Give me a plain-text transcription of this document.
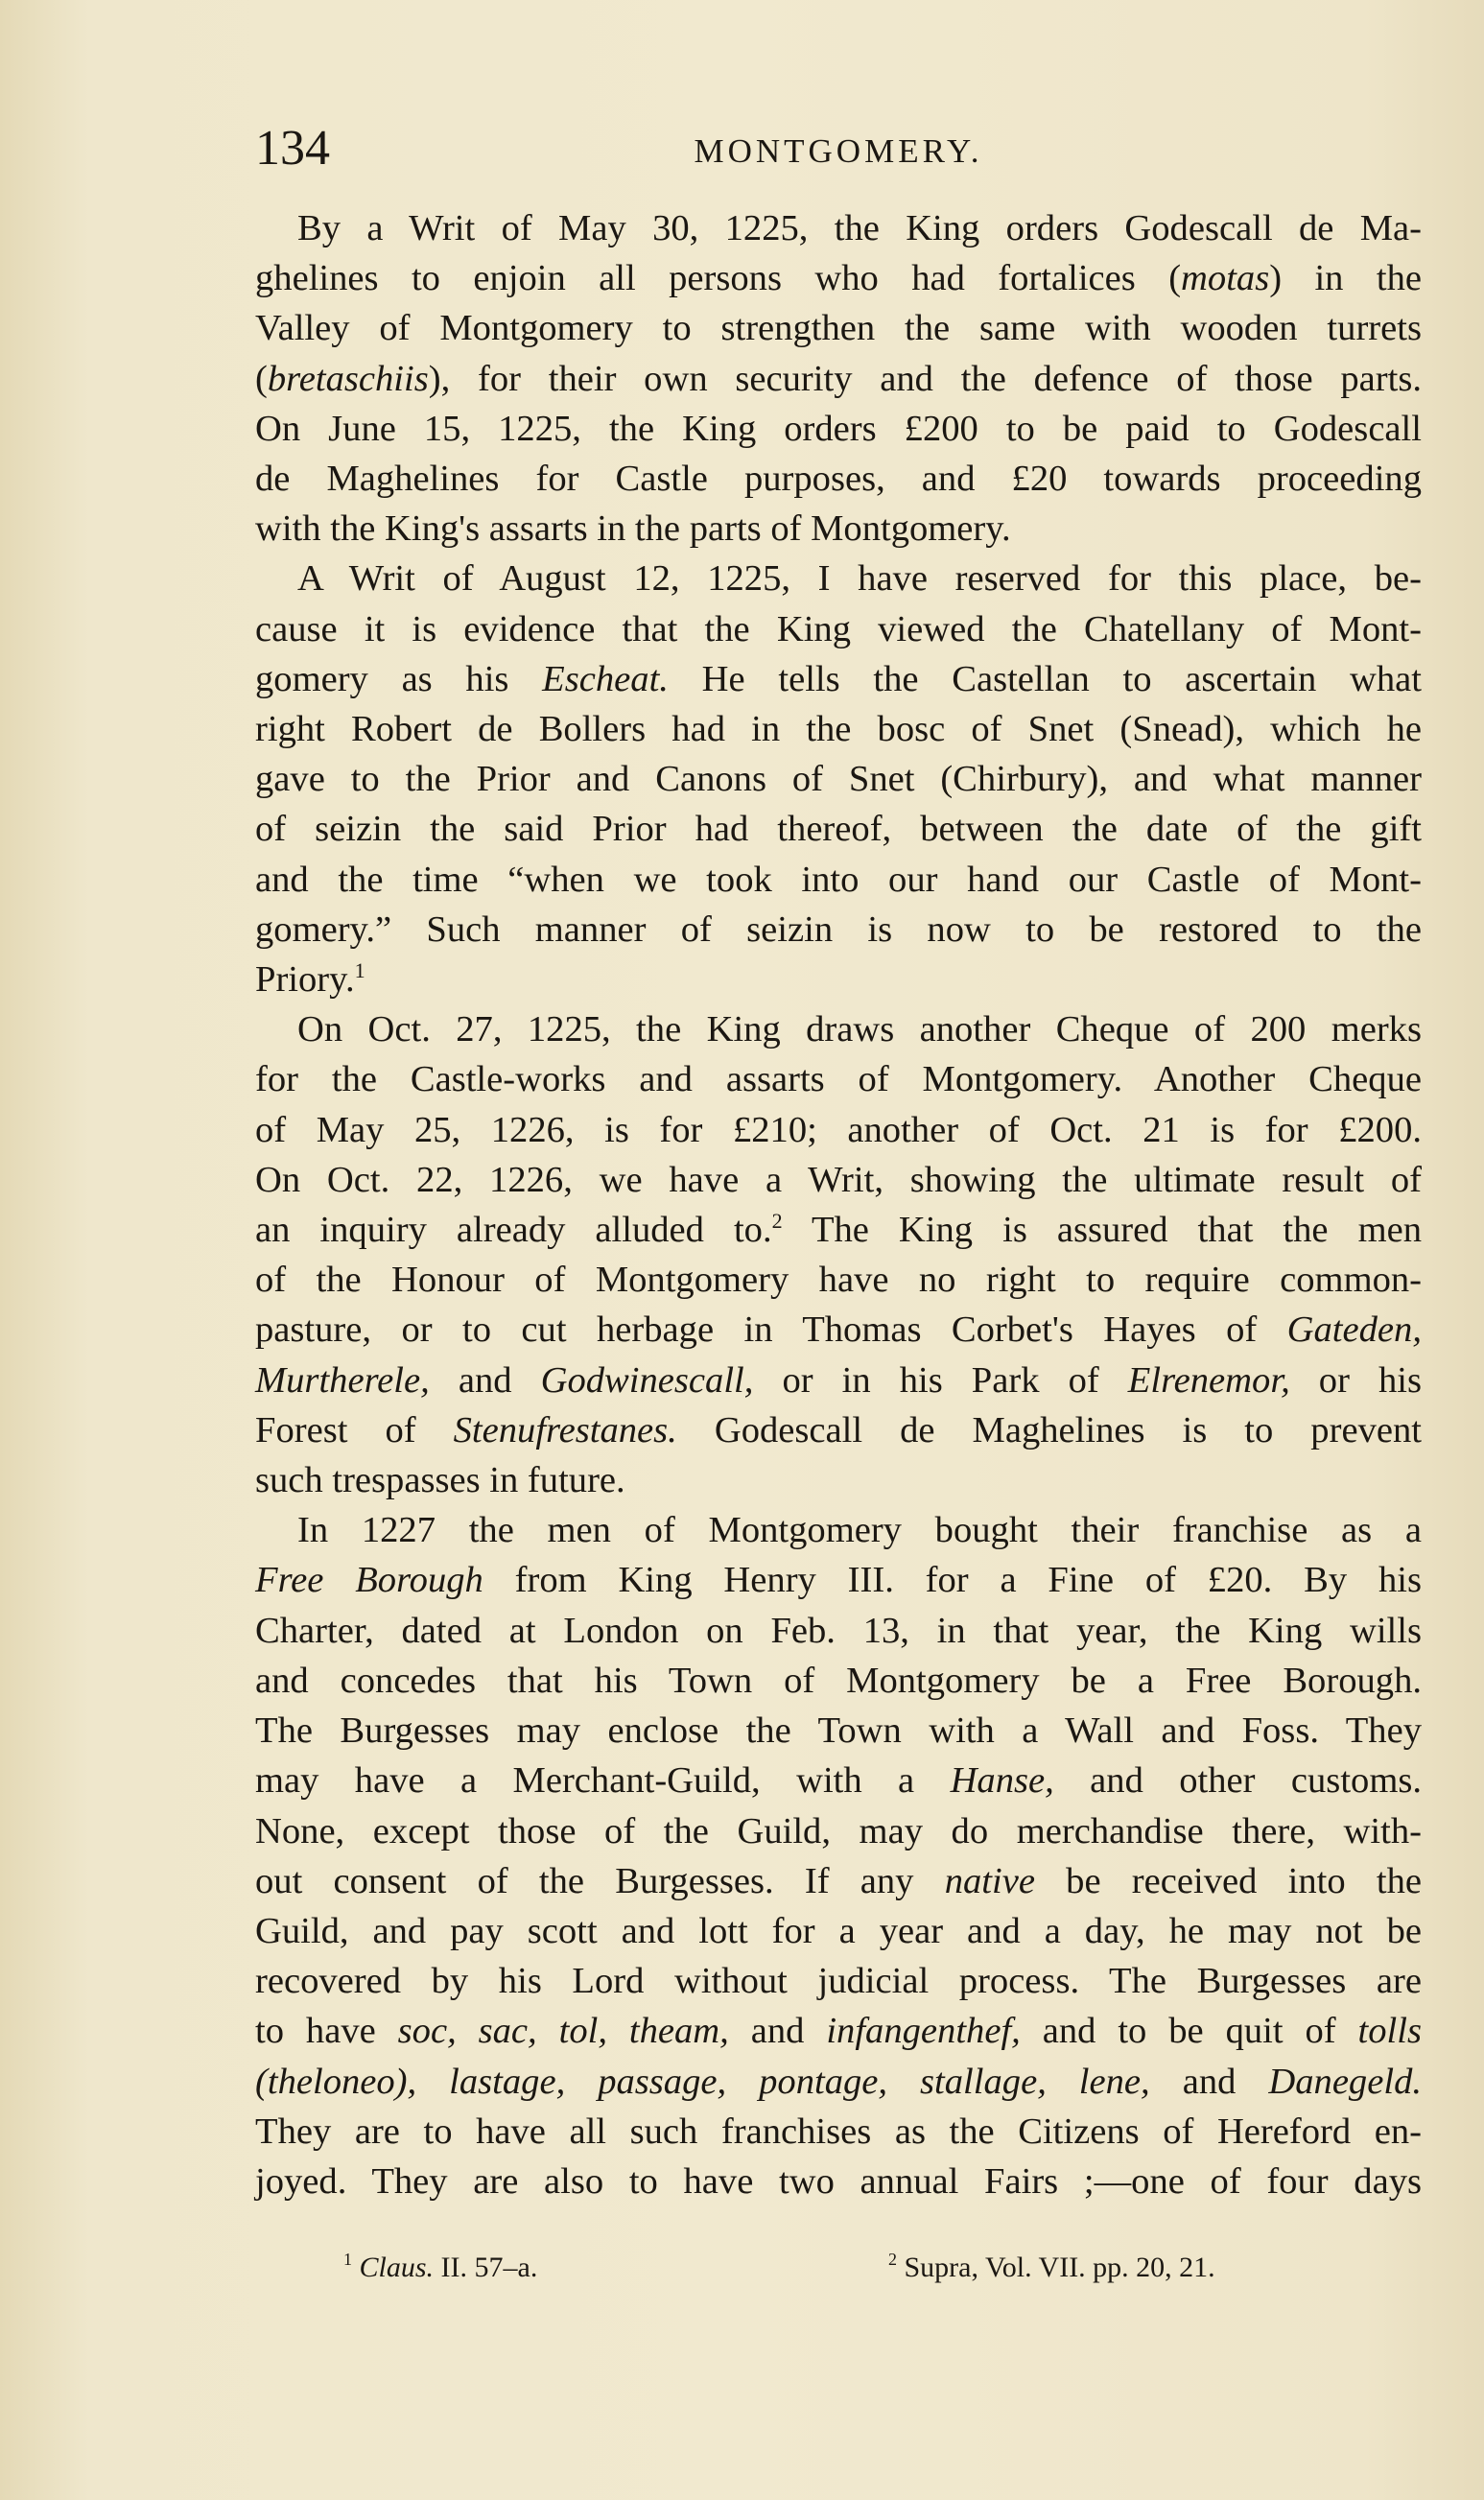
134	MONTGOMERY.

By a Writ of May 30, 1225, the King orders Godescall de Ma-
ghelines to enjoin all persons who had fortalices (motas) in the
Valley of Montgomery to strengthen the same with wooden turrets
(bretaschiis), for their own security and the defence of those parts.
On June 15, 1225, the King orders £200 to be paid to Godescall
de Maghelines for Castle purposes, and £20 towards proceeding
with the King's assarts in the parts of Montgomery.

A Writ of August 12, 1225, I have reserved for this place, be-
cause it is evidence that the King viewed the Chatellany of Mont-
gomery as his Escheat. He tells the Castellan to ascertain what
right Robert de Bollers had in the bosc of Snet (Snead), which he
gave to the Prior and Canons of Snet (Chirbury), and what manner
of seizin the said Prior had thereof, between the date of the gift
and the time “when we took into our hand our Castle of Mont-
gomery.” Such manner of seizin is now to be restored to the
Priory.$^1$

On Oct. 27, 1225, the King draws another Cheque of 200 merks
for the Castle-works and assarts of Montgomery. Another Cheque
of May 25, 1226, is for £210; another of Oct. 21 is for £200.
On Oct. 22, 1226, we have a Writ, showing the ultimate result of
an inquiry already alluded to.$^2$ The King is assured that the men
of the Honour of Montgomery have no right to require common-
pasture, or to cut herbage in Thomas Corbet's Hayes of Gateden,
Murtherele, and Godwinescall, or in his Park of Elrenemor, or his
Forest of Stenufrestanes. Godescall de Maghelines is to prevent
such trespasses in future.

In 1227 the men of Montgomery bought their franchise as a
Free Borough from King Henry III. for a Fine of £20. By his
Charter, dated at London on Feb. 13, in that year, the King wills
and concedes that his Town of Montgomery be a Free Borough.
The Burgesses may enclose the Town with a Wall and Foss. They
may have a Merchant-Guild, with a Hanse, and other customs.
None, except those of the Guild, may do merchandise there, with-
out consent of the Burgesses. If any native be received into the
Guild, and pay scott and lott for a year and a day, he may not be
recovered by his Lord without judicial process. The Burgesses are
to have soc, sac, tol, theam, and infangenthef, and to be quit of tolls
(theloneo), lastage, passage, pontage, stallage, lene, and Danegeld.
They are to have all such franchises as the Citizens of Hereford en-
joyed. They are also to have two annual Fairs ;—one of four days

$^1$ Claus. II. 57–a.	$^2$ Supra, Vol. VII. pp. 20, 21.
